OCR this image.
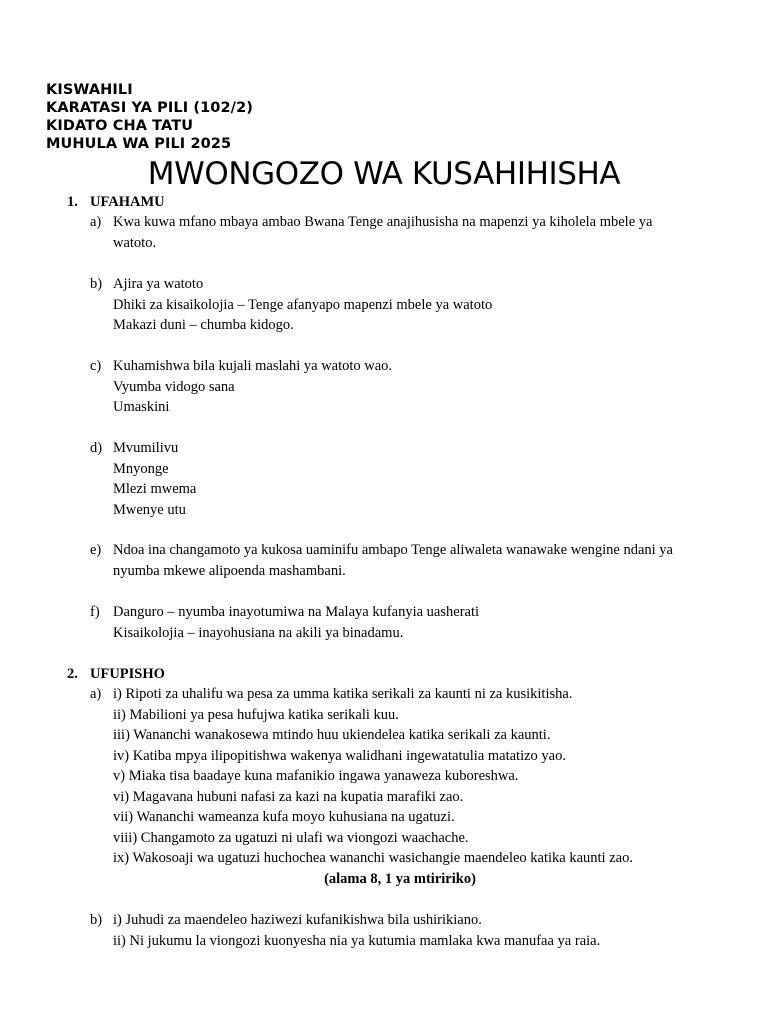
KISWAHILI
KARATASI YA PILI (102/2)
KIDATO CHA TATU
MUHULA WA PILI 2025
MWONGOZO WA KUSAHIHISHA
1. UFAHAMU
a) Kwa kuwa mfano mbaya ambao Bwana Tenge anajihusisha na mapenzi ya kiholela mbele ya
watoto.
b) Ajira ya watoto
Dhiki za kisaikolojia – Tenge afanyapo mapenzi mbele ya watoto
Makazi duni – chumba kidogo.
c) Kuhamishwa bila kujali maslahi ya watoto wao.
Vyumba vidogo sana
Umaskini
d) Mvumilivu
Mnyonge
Mlezi mwema
Mwenye utu
e) Ndoa ina changamoto ya kukosa uaminifu ambapo Tenge aliwaleta wanawake wengine ndani ya
nyumba mkewe alipoenda mashambani.
f) Danguro – nyumba inayotumiwa na Malaya kufanyia uasherati
Kisaikolojia – inayohusiana na akili ya binadamu.
2. UFUPISHO
a) i) Ripoti za uhalifu wa pesa za umma katika serikali za kaunti ni za kusikitisha.
ii) Mabilioni ya pesa hufujwa katika serikali kuu.
iii) Wananchi wanakosewa mtindo huu ukiendelea katika serikali za kaunti.
iv) Katiba mpya ilipopitishwa wakenya walidhani ingewatatulia matatizo yao.
v) Miaka tisa baadaye kuna mafanikio ingawa yanaweza kuboreshwa.
vi) Magavana hubuni nafasi za kazi na kupatia marafiki zao.
vii) Wananchi wameanza kufa moyo kuhusiana na ugatuzi.
viii) Changamoto za ugatuzi ni ulafi wa viongozi waachache.
ix) Wakosoaji wa ugatuzi huchochea wananchi wasichangie maendeleo katika kaunti zao.
(alama 8, 1 ya mtiririko)
b) i) Juhudi za maendeleo haziwezi kufanikishwa bila ushirikiano.
ii) Ni jukumu la viongozi kuonyesha nia ya kutumia mamlaka kwa manufaa ya raia.
